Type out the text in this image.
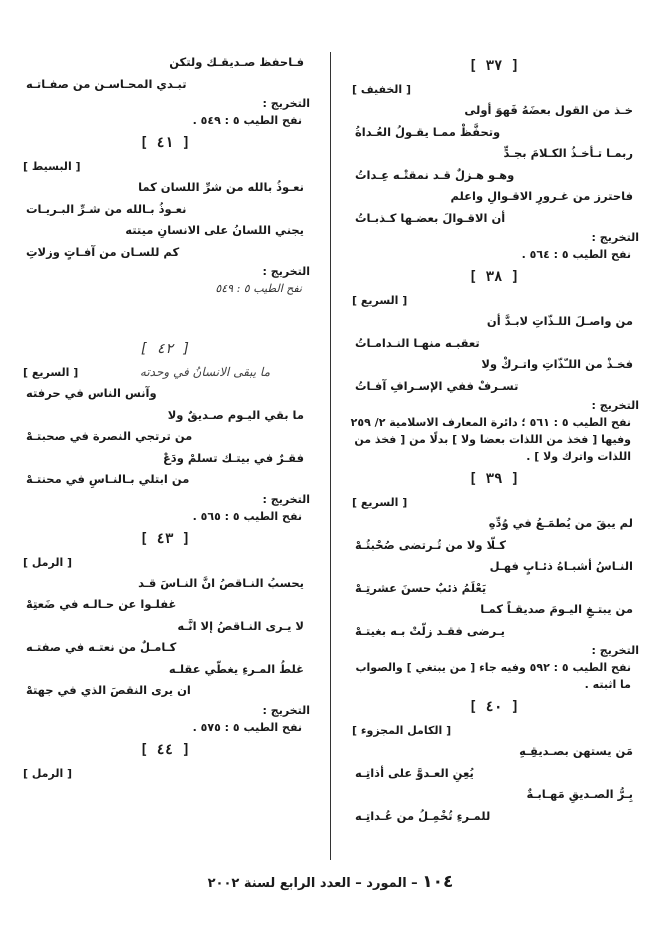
[ ٣٧ ]
[ الخفيف ]
خـذ من القول بعضَهُ فَهوَ أولى
وتحفَّظْ ممـا يقـولُ العُـداةُ
ربمـا تـأخـذُ الكـلامَ بجـدٍّ
وهـو هـزلٌ قـد نمقتْـه عِـداتُ
فاحترز من غـرورِ الاقـوالِ واعلم
أن الاقـوالَ بعضـها كـذبـاتُ
التخريج :
نفح الطيب ٥ : ٥٦٤ .
[ ٣٨ ]
[ السريع ]
من واصـلَ اللـذّاتِ لابـدَّ أن
تعقبـه منهـا النـدامـاتُ
فخـذْ من اللـّذّاتِ واتـركْ ولا
تسـرفْ ففي الإسـرافِ آفـاتُ
التخريج :
نفح الطيب ٥ : ٥٦١ ؛ دائرة المعارف الاسلامية ٢/ ٢٥٩ وفيها [ فخذ من اللذات بعضا ولا ] بدلًا من [ فخذ من اللذات واترك ولا ] .
[ ٣٩ ]
[ السريع ]
لم يبقَ من يُطمَـعُ في وُدِّهِ
كـلّا ولا من تُـرتضى صُحْبتُـهْ
النـاسُ أشبـاهُ ذئـابٍ فهـل
يَعْلَمُ ذئبٌ حسنَ عشرتِـهْ
من يبتـغِ اليـومَ صديقـاً كمـا
يـرضى فقـد زلّتْ بـه بغيتـهْ
التخريج :
نفح الطيب ٥ : ٥٩٢ وفيه جاء [ من يبتغي ] والصواب ما اثبته .
[ ٤٠ ]
[ الكامل المجزوء ]
مَن يستهن بصـديقِـهِ
يُعِنِ العـدوَّ على أذاتِـه
بِـرُّ الصـديقِ مَهـابـةٌ
للمـرءِ تُخْمِـلُ من عُـداتِـه
فـاحفظ صـديقـك ولتكن
تبـدي المحـاسـن من صفـاتـه
التخريج :
نفح الطيب ٥ : ٥٤٩ .
[ ٤١ ]
[ البسيط ]
نعـوذُ بالله من شرِّ اللسان كما
نعـوذُ بـالله من شـرِّ البـريـات
يجني اللسانُ على الانسانِ ميتته
كم للسـان من آفـاتٍ وزلاتِ
التخريج :
نفح الطيب ٥ : ٥٤٩
[ ٤٢ ]
ما يبقى الانسانُ في وحدته
[ السريع ]
وآنس الناس في حرفته
ما بقي اليـوم صـديقٌ ولا
من ترتجي النصرة في صحبتـهْ
فقـرٌ في بيتـك تسلمْ ودَعْ
من ابتلي بـالنـاسِ في محنتـهْ
التخريج :
نفح الطيب ٥ : ٥٦٥ .
[ ٤٣ ]
[ الرمل ]
يحسبُ النـاقصُ انَّ النـاسَ قـد
غفلـوا عن حـالـه في ضَعتِهْ
لا يـرى النـاقصُ إلا انَّـه
كـامـلٌ من نعتـه في صفتـه
غلطُ المـرءِ يغطّي عقلـه
ان يرى النقصَ الذي في جهتهْ
التخريج :
نفح الطيب ٥ : ٥٧٥ .
[ ٤٤ ]
[ الرمل ]
١٠٤ – المورد – العدد الرابع لسنة ٢٠٠٢
